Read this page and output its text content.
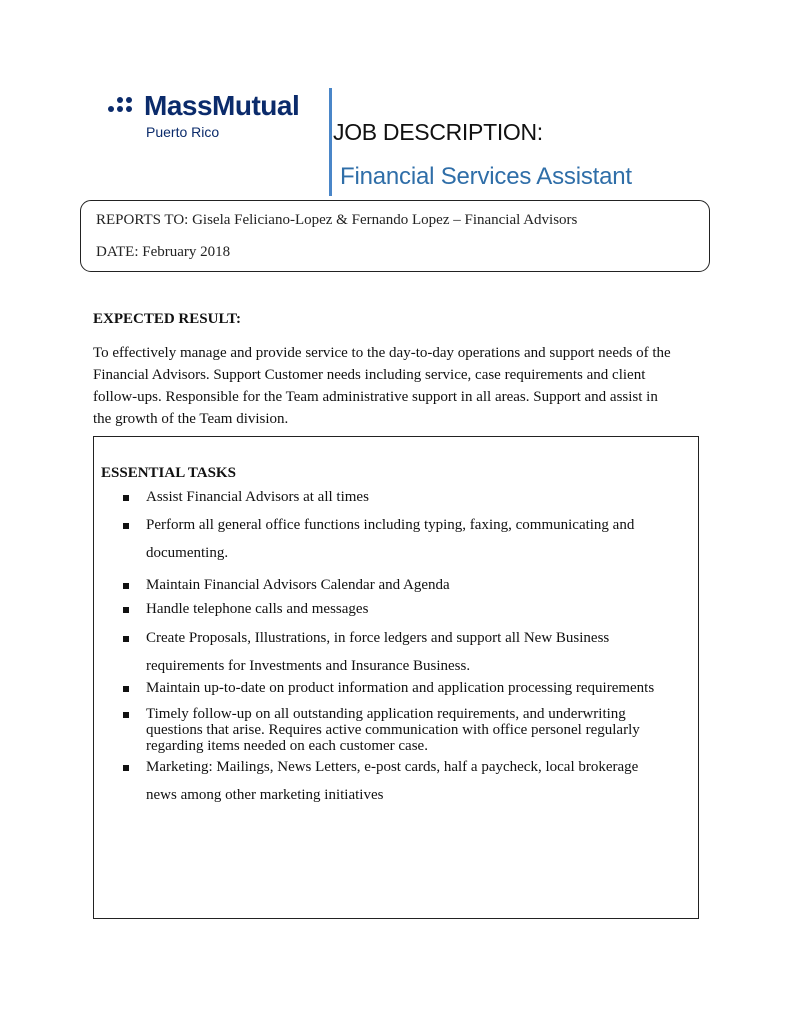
MassMutual
Puerto Rico	JOB DESCRIPTION:
Financial Services Assistant
REPORTS TO: Gisela Feliciano-Lopez & Fernando Lopez – Financial Advisors
DATE: February 2018
EXPECTED RESULT:
To effectively manage and provide service to the day-to-day operations and support needs of the
Financial Advisors. Support Customer needs including service, case requirements and client
follow-ups. Responsible for the Team administrative support in all areas. Support and assist in
the growth of the Team division.
ESSENTIAL TASKS
Assist Financial Advisors at all times
Perform all general office functions including typing, faxing, communicating and
documenting.
Maintain Financial Advisors Calendar and Agenda
Handle telephone calls and messages
Create Proposals, Illustrations, in force ledgers and support all New Business
requirements for Investments and Insurance Business.
Maintain up-to-date on product information and application processing requirements
Timely follow-up on all outstanding application requirements, and underwriting
questions that arise. Requires active communication with office personel regularly
regarding items needed on each customer case.
Marketing: Mailings, News Letters, e-post cards, half a paycheck, local brokerage
news among other marketing initiatives
